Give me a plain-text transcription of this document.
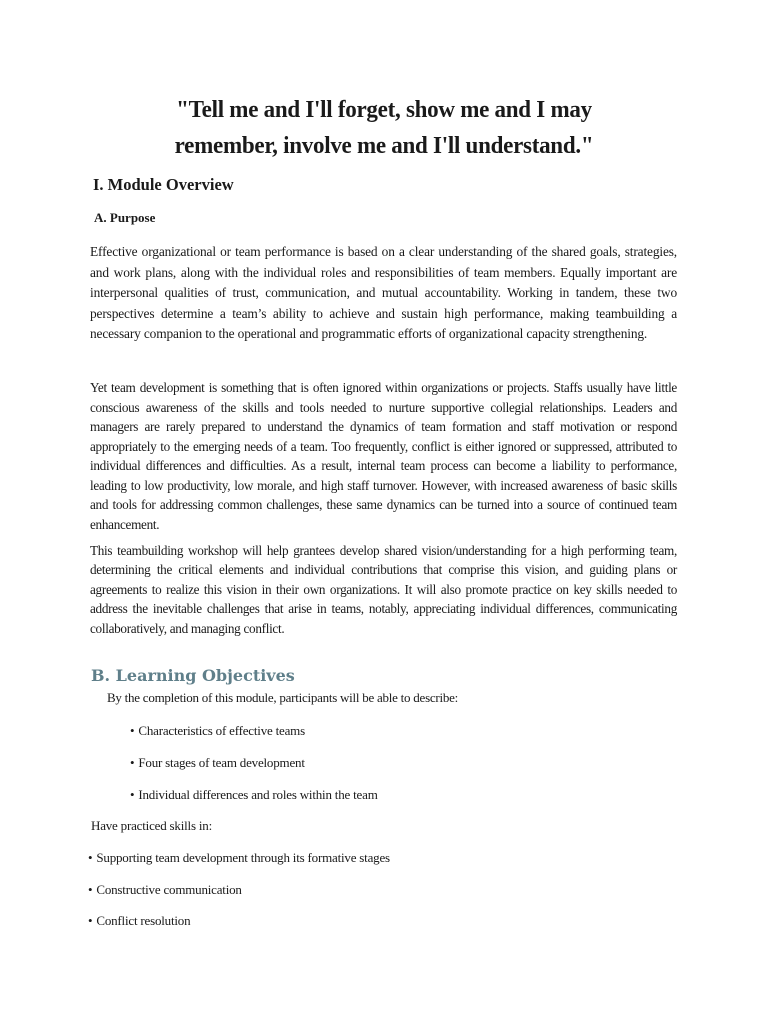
"Tell me and I'll forget, show me and I may remember, involve me and I'll understand."

I. Module Overview
A. Purpose

Effective organizational or team performance is based on a clear understanding of the shared goals, strategies, and work plans, along with the individual roles and responsibilities of team members. Equally important are interpersonal qualities of trust, communication, and mutual accountability. Working in tandem, these two perspectives determine a team’s ability to achieve and sustain high performance, making teambuilding a necessary companion to the operational and programmatic efforts of organizational capacity strengthening.

Yet team development is something that is often ignored within organizations or projects. Staffs usually have little conscious awareness of the skills and tools needed to nurture supportive collegial relationships. Leaders and managers are rarely prepared to understand the dynamics of team formation and staff motivation or respond appropriately to the emerging needs of a team. Too frequently, conflict is either ignored or suppressed, attributed to individual differences and difficulties. As a result, internal team process can become a liability to performance, leading to low productivity, low morale, and high staff turnover. However, with increased awareness of basic skills and tools for addressing common challenges, these same dynamics can be turned into a source of continued team enhancement.

This teambuilding workshop will help grantees develop shared vision/understanding for a high performing team, determining the critical elements and individual contributions that comprise this vision, and guiding plans or agreements to realize this vision in their own organizations. It will also promote practice on key skills needed to address the inevitable challenges that arise in teams, notably, appreciating individual differences, communicating collaboratively, and managing conflict.

B. Learning Objectives

By the completion of this module, participants will be able to describe:

• Characteristics of effective teams
• Four stages of team development
• Individual differences and roles within the team

Have practiced skills in:

• Supporting team development through its formative stages
• Constructive communication
• Conflict resolution
